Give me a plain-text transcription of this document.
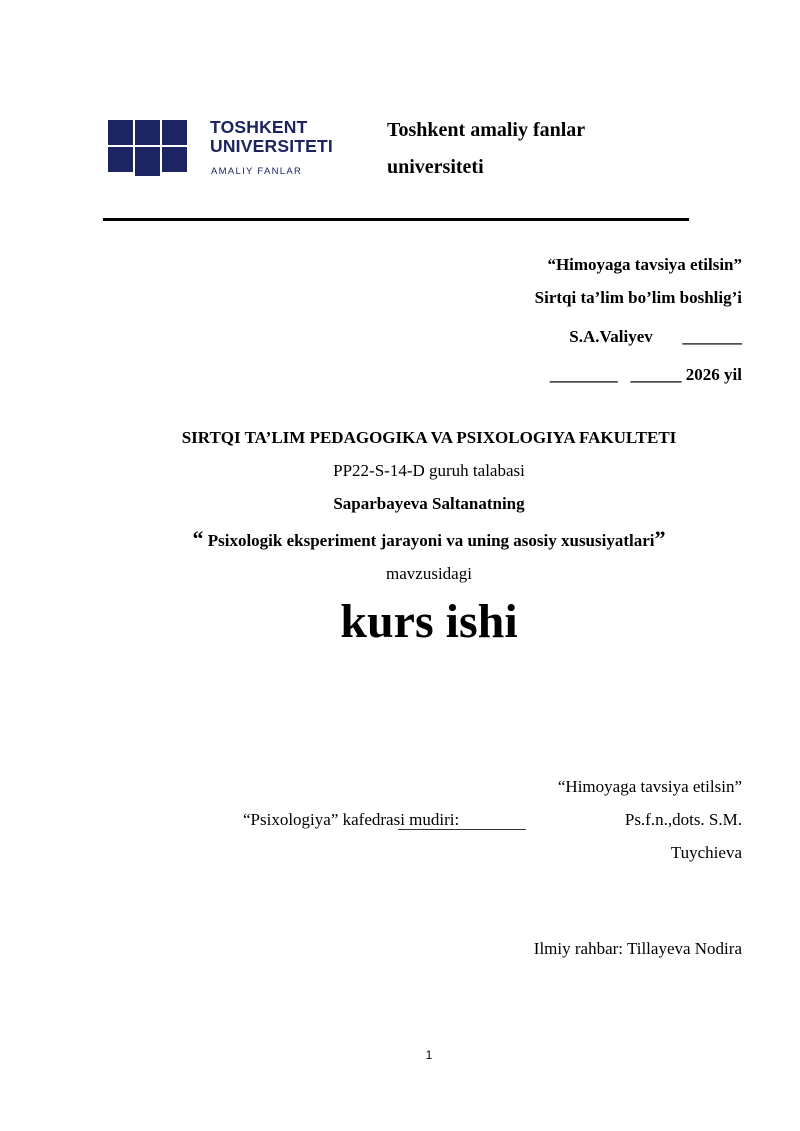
TOSHKENT
UNIVERSITETI
AMALIY FANLAR
Toshkent amaliy fanlar
universiteti
“Himoyaga tavsiya etilsin”
Sirtqi ta’lim bo’lim boshlig’i
S.A.Valiyev       _______
________   ______ 2026 yil
SIRTQI TA’LIM PEDAGOGIKA VA PSIXOLOGIYA FAKULTETI
PP22-S-14-D guruh talabasi
Saparbayeva Saltanatning
“ Psixologik eksperiment jarayoni va uning asosiy xususiyatlari”
mavzusidagi
kurs ishi
“Himoyaga tavsiya etilsin”
“Psixologiya” kafedrasi mudiri:	Ps.f.n.,dots. S.M.
Tuychieva
Ilmiy rahbar: Tillayeva Nodira
1
